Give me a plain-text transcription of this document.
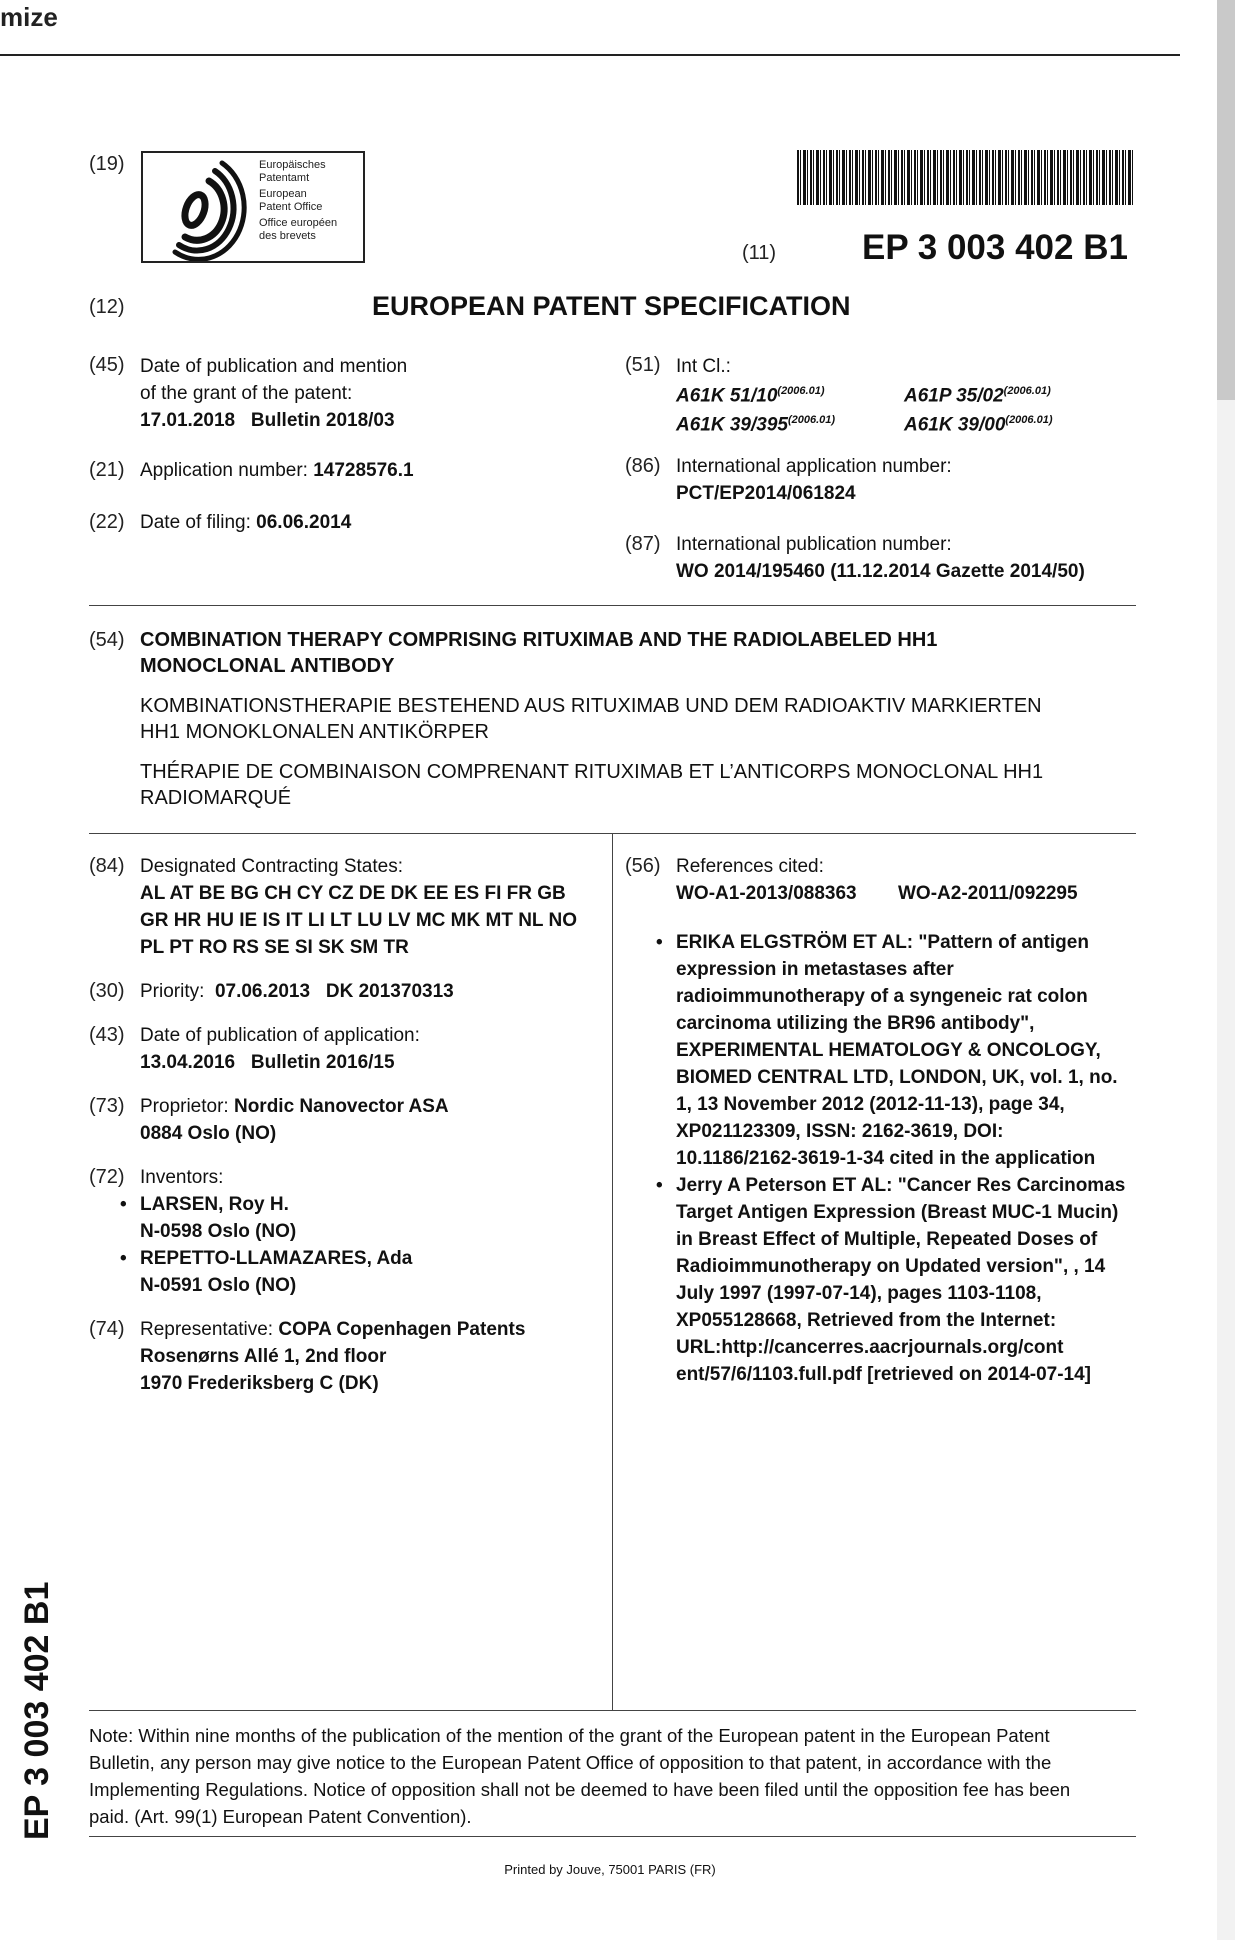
mize
(19)	Europäisches
Patentamt
European
Patent Office
Office européen
des brevets
(11) EP 3 003 402 B1
(12)	EUROPEAN PATENT SPECIFICATION
(45) Date of publication and mention
of the grant of the patent:
17.01.2018   Bulletin 2018/03
(21) Application number: 14728576.1
(22) Date of filing: 06.06.2014
(51) Int Cl.:
A61K $51/10^{(2006.01)}$	A61P $35/02^{(2006.01)}$
A61K $39/395^{(2006.01)}$	A61K $39/00^{(2006.01)}$
(86) International application number:
PCT/EP2014/061824
(87) International publication number:
WO 2014/195460 (11.12.2014 Gazette 2014/50)
(54) COMBINATION THERAPY COMPRISING RITUXIMAB AND THE RADIOLABELED HH1
MONOCLONAL ANTIBODY
KOMBINATIONSTHERAPIE BESTEHEND AUS RITUXIMAB UND DEM RADIOAKTIV MARKIERTEN
HH1 MONOKLONALEN ANTIKÖRPER
THÉRAPIE DE COMBINAISON COMPRENANT RITUXIMAB ET L’ANTICORPS MONOCLONAL HH1
RADIOMARQUÉ
(84) Designated Contracting States:
AL AT BE BG CH CY CZ DE DK EE ES FI FR GB
GR HR HU IE IS IT LI LT LU LV MC MK MT NL NO
PL PT RO RS SE SI SK SM TR
(30) Priority:  07.06.2013   DK 201370313
(43) Date of publication of application:
13.04.2016   Bulletin 2016/15
(73) Proprietor: Nordic Nanovector ASA
0884 Oslo (NO)
(72) Inventors:
• LARSEN, Roy H.
N-0598 Oslo (NO)
• REPETTO-LLAMAZARES, Ada
N-0591 Oslo (NO)
(74) Representative: COPA Copenhagen Patents
Rosenørns Allé 1, 2nd floor
1970 Frederiksberg C (DK)
(56) References cited:
WO-A1-2013/088363 WO-A2-2011/092295
• ERIKA ELGSTRÖM ET AL: "Pattern of antigen
expression in metastases after
radioimmunotherapy of a syngeneic rat colon
carcinoma utilizing the BR96 antibody",
EXPERIMENTAL HEMATOLOGY & ONCOLOGY,
BIOMED CENTRAL LTD, LONDON, UK, vol. 1, no.
1, 13 November 2012 (2012-11-13), page 34,
XP021123309, ISSN: 2162-3619, DOI:
10.1186/2162-3619-1-34 cited in the application
• Jerry A Peterson ET AL: "Cancer Res Carcinomas
Target Antigen Expression (Breast MUC-1 Mucin)
in Breast Effect of Multiple, Repeated Doses of
Radioimmunotherapy on Updated version", , 14
July 1997 (1997-07-14), pages 1103-1108,
XP055128668, Retrieved from the Internet:
URL:http://cancerres.aacrjournals.org/cont
ent/57/6/1103.full.pdf [retrieved on 2014-07-14]
Note: Within nine months of the publication of the mention of the grant of the European patent in the European Patent
Bulletin, any person may give notice to the European Patent Office of opposition to that patent, in accordance with the
Implementing Regulations. Notice of opposition shall not be deemed to have been filed until the opposition fee has been
paid. (Art. 99(1) European Patent Convention).
Printed by Jouve, 75001 PARIS (FR)
EP 3 003 402 B1
